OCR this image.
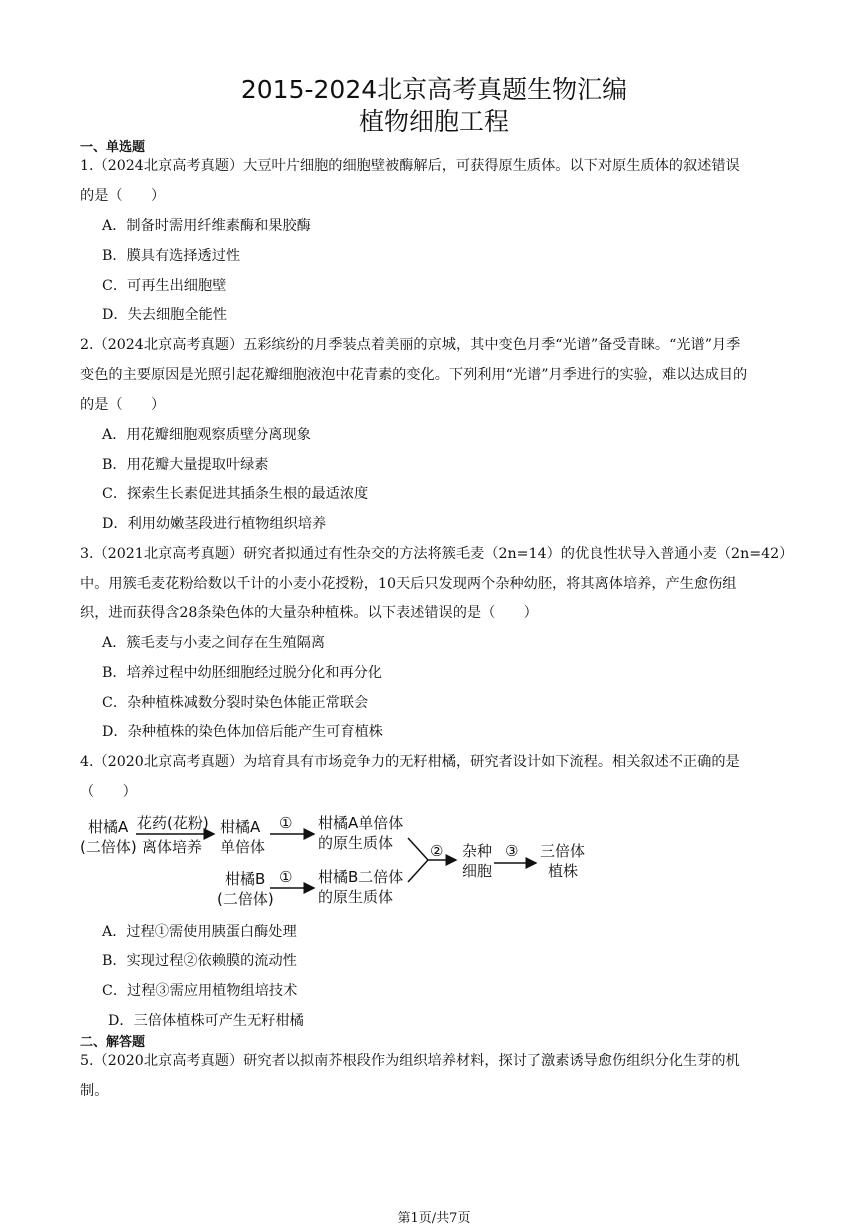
2015-2024北京高考真题生物汇编
植物细胞工程
一、单选题
1.（2024北京高考真题）大豆叶片细胞的细胞壁被酶解后，可获得原生质体。以下对原生质体的叙述错误
的是（　　）
A．制备时需用纤维素酶和果胶酶
B．膜具有选择透过性
C．可再生出细胞壁
D．失去细胞全能性
2.（2024北京高考真题）五彩缤纷的月季装点着美丽的京城，其中变色月季“光谱”备受青睐。“光谱”月季
变色的主要原因是光照引起花瓣细胞液泡中花青素的变化。下列利用“光谱”月季进行的实验，难以达成目的
的是（　　）
A．用花瓣细胞观察质壁分离现象
B．用花瓣大量提取叶绿素
C．探索生长素促进其插条生根的最适浓度
D．利用幼嫩茎段进行植物组织培养
3.（2021北京高考真题）研究者拟通过有性杂交的方法将簇毛麦（2n=14）的优良性状导入普通小麦（2n=42）
中。用簇毛麦花粉给数以千计的小麦小花授粉，10天后只发现两个杂种幼胚，将其离体培养，产生愈伤组
织，进而获得含28条染色体的大量杂种植株。以下表述错误的是（　　）
A．簇毛麦与小麦之间存在生殖隔离
B．培养过程中幼胚细胞经过脱分化和再分化
C．杂种植株减数分裂时染色体能正常联会
D．杂种植株的染色体加倍后能产生可育植株
4.（2020北京高考真题）为培育具有市场竞争力的无籽柑橘，研究者设计如下流程。相关叙述不正确的是
（　　）
柑橘A
(二倍体)
花药(花粉)
离体培养
柑橘A
单倍体
① 柑橘A单倍体
的原生质体
柑橘B
(二倍体)
① 柑橘B二倍体
的原生质体
② 杂种
细胞
③ 三倍体
植株
A．过程①需使用胰蛋白酶处理
B．实现过程②依赖膜的流动性
C．过程③需应用植物组培技术
D．三倍体植株可产生无籽柑橘
二、解答题
5.（2020北京高考真题）研究者以拟南芥根段作为组织培养材料，探讨了激素诱导愈伤组织分化生芽的机
制。
第1页/共7页
